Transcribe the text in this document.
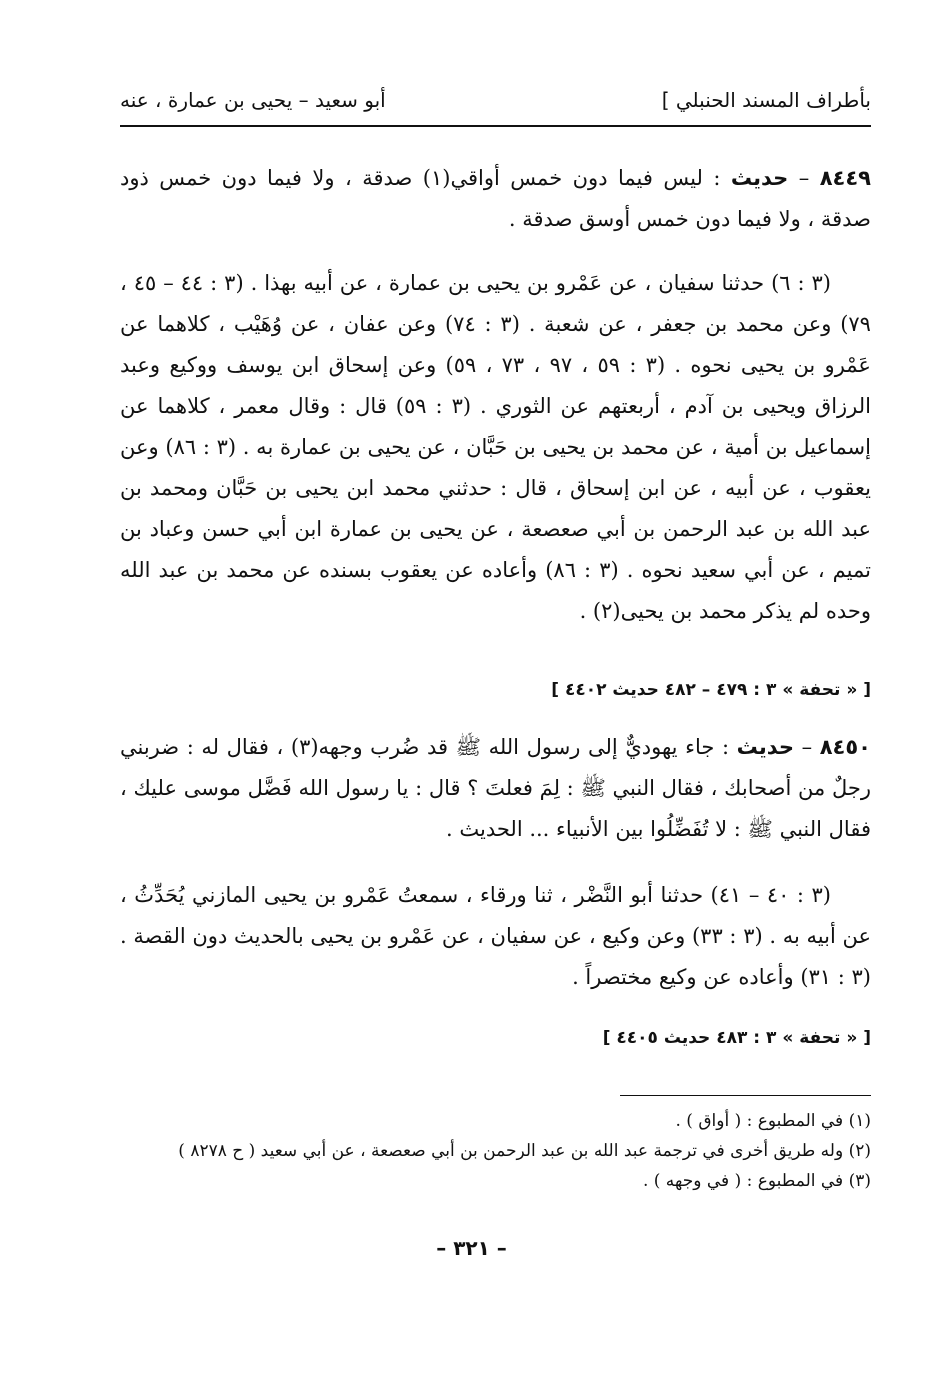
بأطراف المسند الحنبلي ]
أبو سعيد – يحيى بن عمارة ، عنه
٨٤٤٩ – حديث : ليس فيما دون خمس أواقي(١) صدقة ، ولا فيما دون خمس ذود صدقة ، ولا فيما دون خمس أوسق صدقة .
(٣ : ٦) حدثنا سفيان ، عن عَمْرو بن يحيى بن عمارة ، عن أبيه بهذا . (٣ : ٤٤ – ٤٥ ، ٧٩) وعن محمد بن جعفر ، عن شعبة . (٣ : ٧٤) وعن عفان ، عن وُهَيْب ، كلاهما عن عَمْرو بن يحيى نحوه . (٣ : ٥٩ ، ٩٧ ، ٧٣ ، ٥٩) وعن إسحاق ابن يوسف ووكيع وعبد الرزاق ويحيى بن آدم ، أربعتهم عن الثوري . (٣ : ٥٩) قال : وقال معمر ، كلاهما عن إسماعيل بن أمية ، عن محمد بن يحيى بن حَبَّان ، عن يحيى بن عمارة به . (٣ : ٨٦) وعن يعقوب ، عن أبيه ، عن ابن إسحاق ، قال : حدثني محمد ابن يحيى بن حَبَّان ومحمد بن عبد الله بن عبد الرحمن بن أبي صعصعة ، عن يحيى بن عمارة ابن أبي حسن وعباد بن تميم ، عن أبي سعيد نحوه . (٣ : ٨٦) وأعاده عن يعقوب بسنده عن محمد بن عبد الله وحده لم يذكر محمد بن يحيى(٢) .
[ « تحفة » ٣ : ٤٧٩ – ٤٨٢ حديث ٤٤٠٢ ]
٨٤٥٠ – حديث : جاء يهوديٌّ إلى رسول الله ﷺ قد ضُرب وجهه(٣) ، فقال له : ضربني رجلٌ من أصحابك ، فقال النبي ﷺ : لِمَ فعلتَ ؟ قال : يا رسول الله فَضَّل موسى عليك ، فقال النبي ﷺ : لا تُفَضِّلُوا بين الأنبياء ... الحديث .
(٣ : ٤٠ – ٤١) حدثنا أبو النَّضْر ، ثنا ورقاء ، سمعتُ عَمْرو بن يحيى المازني يُحَدِّثُ ، عن أبيه به . (٣ : ٣٣) وعن وكيع ، عن سفيان ، عن عَمْرو بن يحيى بالحديث دون القصة . (٣ : ٣١) وأعاده عن وكيع مختصراً .
[ « تحفة » ٣ : ٤٨٣ حديث ٤٤٠٥ ]
(١) في المطبوع : ( أواق ) .
(٢) وله طريق أخرى في ترجمة عبد الله بن عبد الرحمن بن أبي صعصعة ، عن أبي سعيد ( ح ٨٢٧٨ )
(٣) في المطبوع : ( في وجهه ) .
– ٣٢١ –
